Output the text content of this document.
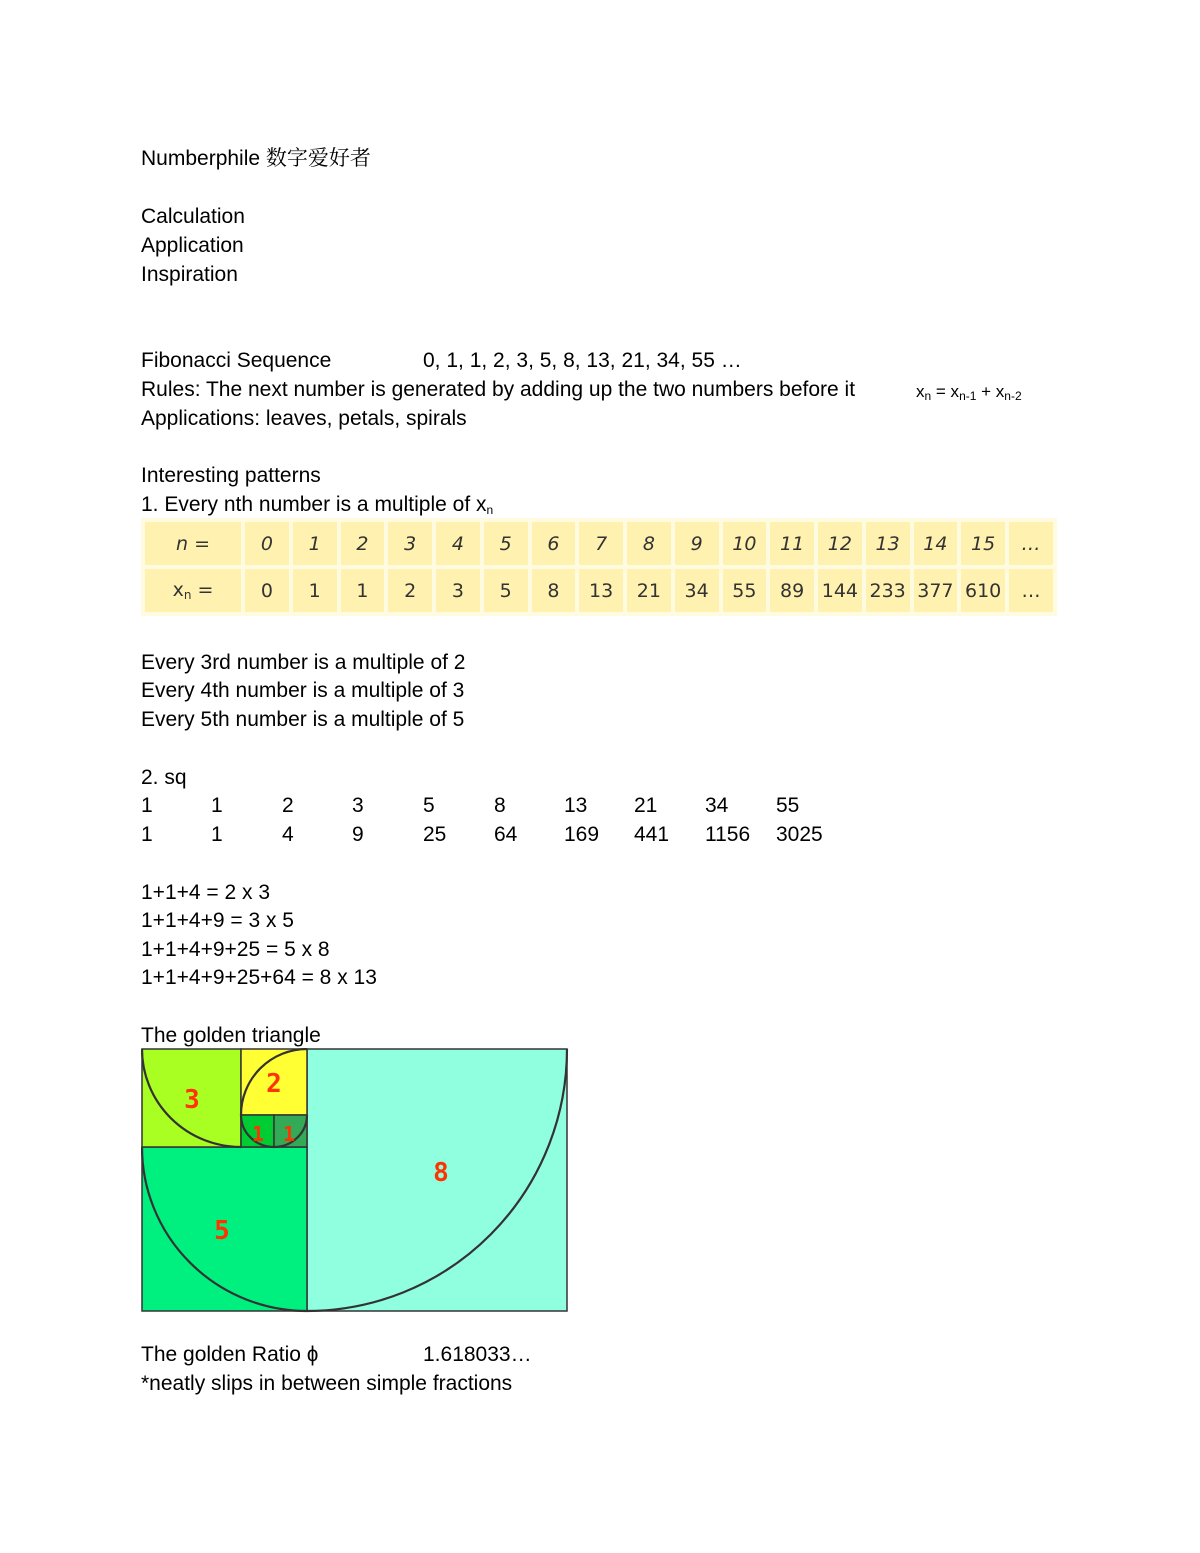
Numberphile 数字爱好者
Calculation
Application
Inspiration
Fibonacci Sequence	0, 1, 1, 2, 3, 5, 8, 13, 21, 34, 55 …
Rules: The next number is generated by adding up the two numbers before it	$x_n = x_{n-1} + x_{n-2}$
Applications: leaves, petals, spirals
Interesting patterns
1. Every nth number is a multiple of $x_n$
n =	0	1	2	3	4	5	6	7	8	9	10	11	12	13	14	15	…
$x_n$ =	0	1	1	2	3	5	8	13	21	34	55	89	144	233	377	610	…
Every 3rd number is a multiple of 2
Every 4th number is a multiple of 3
Every 5th number is a multiple of 5
2. sq
1	1	2	3	5	8	13 21 34 55
1	1	4	9	25 64 169 441 1156 3025
1+1+4 = 2 x 3
1+1+4+9 = 3 x 5
1+1+4+9+25 = 5 x 8
1+1+4+9+25+64 = 8 x 13
The golden triangle
1 1
2
3
5
8
The golden Ratio ɸ	1.618033…
*neatly slips in between simple fractions
